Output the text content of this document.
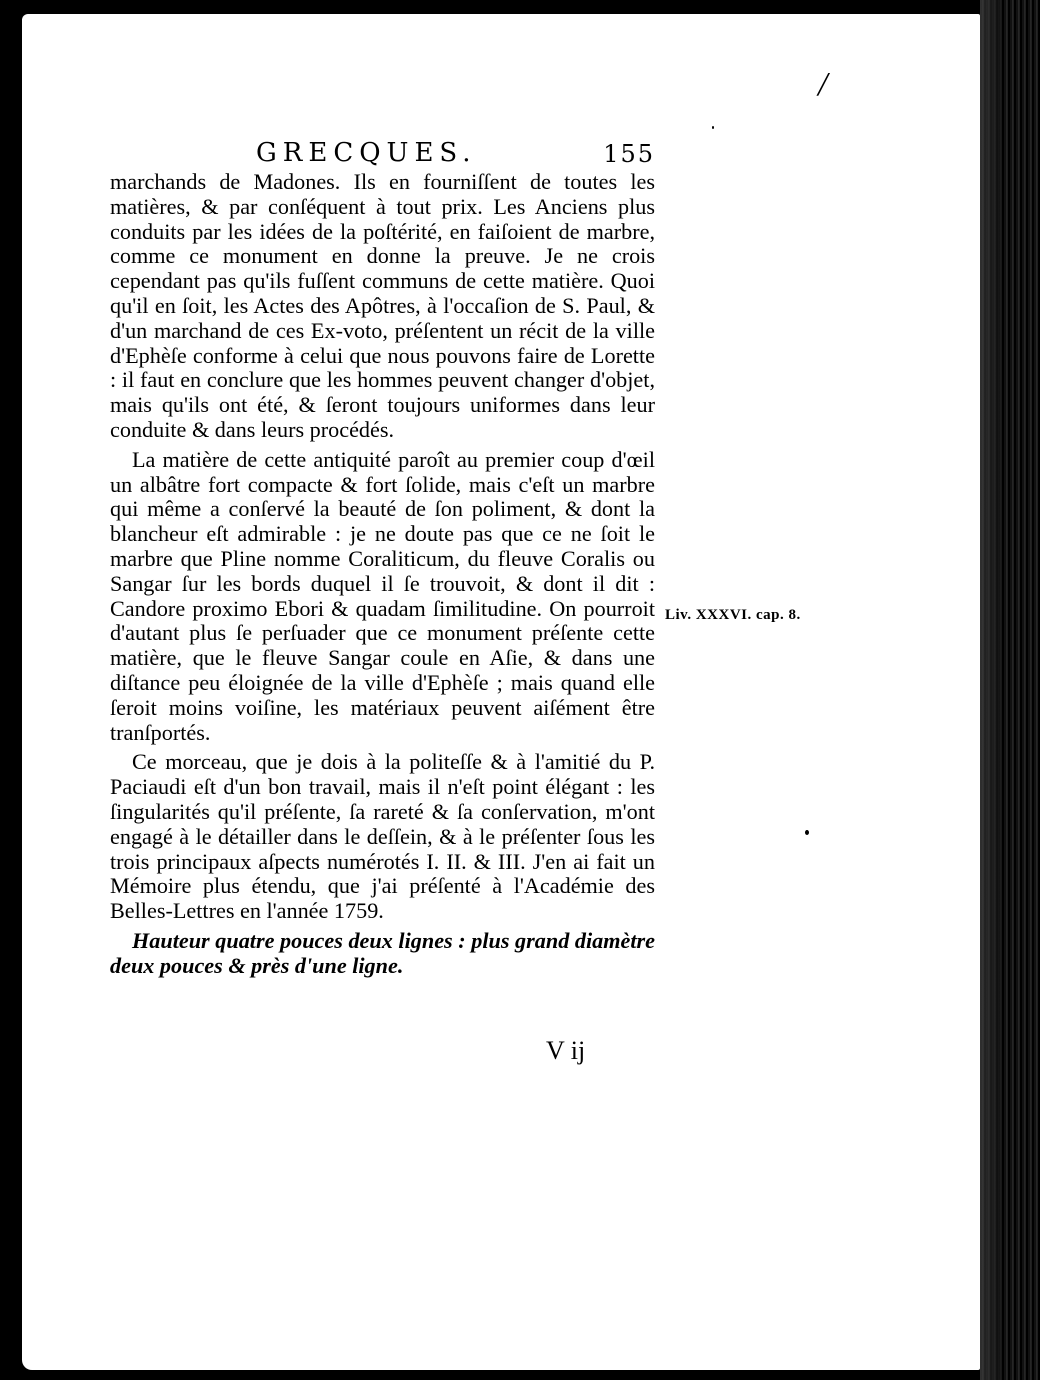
/
GRECQUES.	155

marchands de Madones. Ils en fourniſſent de toutes les matières, & par conſéquent à tout prix. Les Anciens plus conduits par les idées de la poſtérité, en faiſoient de marbre, comme ce monument en donne la preuve. Je ne crois cependant pas qu'ils fuſſent communs de cette matière. Quoi qu'il en ſoit, les Actes des Apôtres, à l'occaſion de S. Paul, & d'un marchand de ces Ex-voto, préſentent un récit de la ville d'Ephèſe conforme à celui que nous pouvons faire de Lorette : il faut en conclure que les hommes peuvent changer d'objet, mais qu'ils ont été, & ſeront toujours uniformes dans leur conduite & dans leurs procédés.

La matière de cette antiquité paroît au premier coup d'œil un albâtre fort compacte & fort ſolide, mais c'eſt un marbre qui même a conſervé la beauté de ſon poliment, & dont la blancheur eſt admirable : je ne doute pas que ce ne ſoit le marbre que Pline nomme Coraliticum, du fleuve Coralis ou Sangar ſur les bords duquel il ſe trouvoit, & dont il dit : Candore proximo Ebori & quadam ſimilitudine. On pourroit d'autant plus ſe perſuader que ce monument préſente cette matière, que le fleuve Sangar coule en Aſie, & dans une diſtance peu éloignée de la ville d'Ephèſe ; mais quand elle ſeroit moins voiſine, les matériaux peuvent aiſément être tranſportés.

Ce morceau, que je dois à la politeſſe & à l'amitié du P. Paciaudi eſt d'un bon travail, mais il n'eſt point élégant : les ſingularités qu'il préſente, ſa rareté & ſa conſervation, m'ont engagé à le détailler dans le deſſein, & à le préſenter ſous les trois principaux aſpects numérotés I. II. & III. J'en ai fait un Mémoire plus étendu, que j'ai préſenté à l'Académie des Belles-Lettres en l'année 1759.

Hauteur quatre pouces deux lignes : plus grand diamètre deux pouces & près d'une ligne.

Liv. XXXVI. cap. 8.
V ij
